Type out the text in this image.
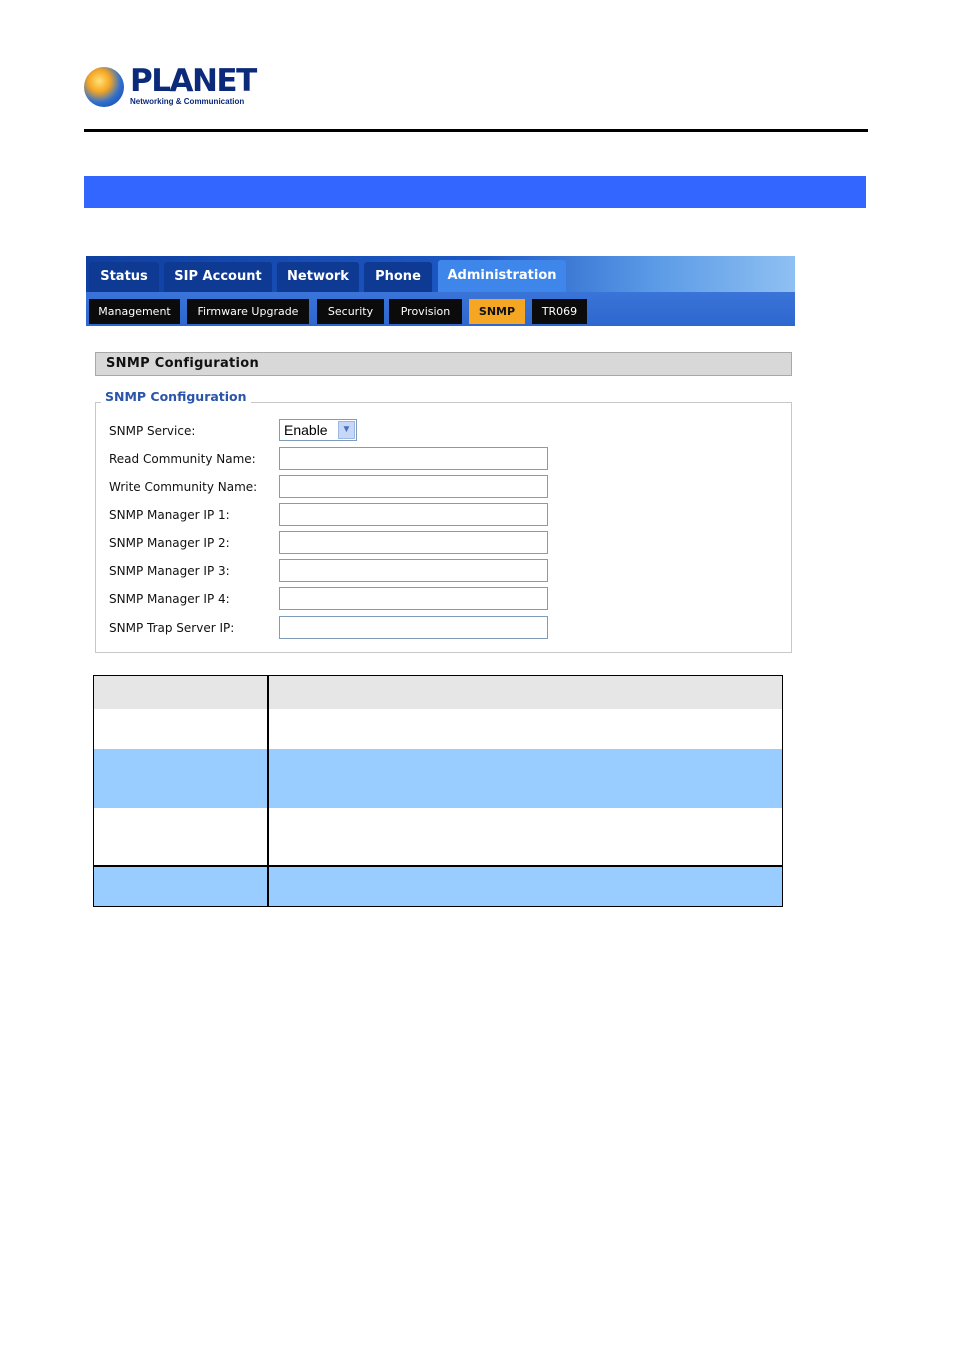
PLANET
Networking & Communication
Status	SIP Account	Network	Phone	Administration
Management	Firmware Upgrade	Security	Provision	SNMP	TR069
SNMP Configuration
SNMP Configuration
SNMP Service:	Enable	▼
Read Community Name:
Write Community Name:
SNMP Manager IP 1:
SNMP Manager IP 2:
SNMP Manager IP 3:
SNMP Manager IP 4:
SNMP Trap Server IP:
